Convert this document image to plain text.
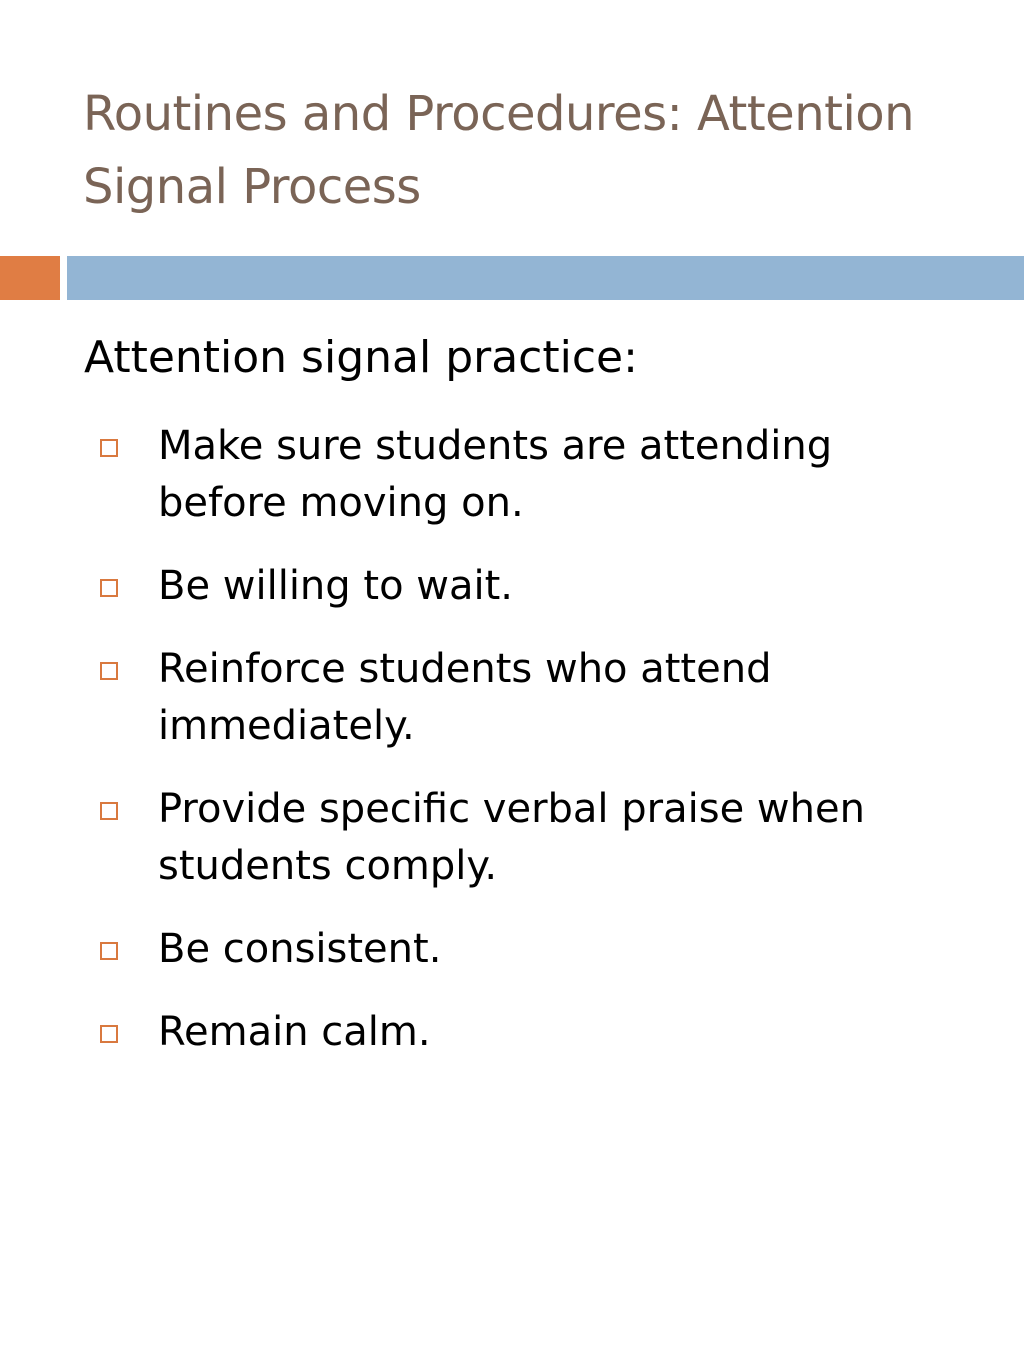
Routines and Procedures: Attention Signal Process
Attention signal practice:
Make sure students are attending before moving on.
Be willing to wait.
Reinforce students who attend immediately.
Provide specific verbal praise when students comply.
Be consistent.
Remain calm.
